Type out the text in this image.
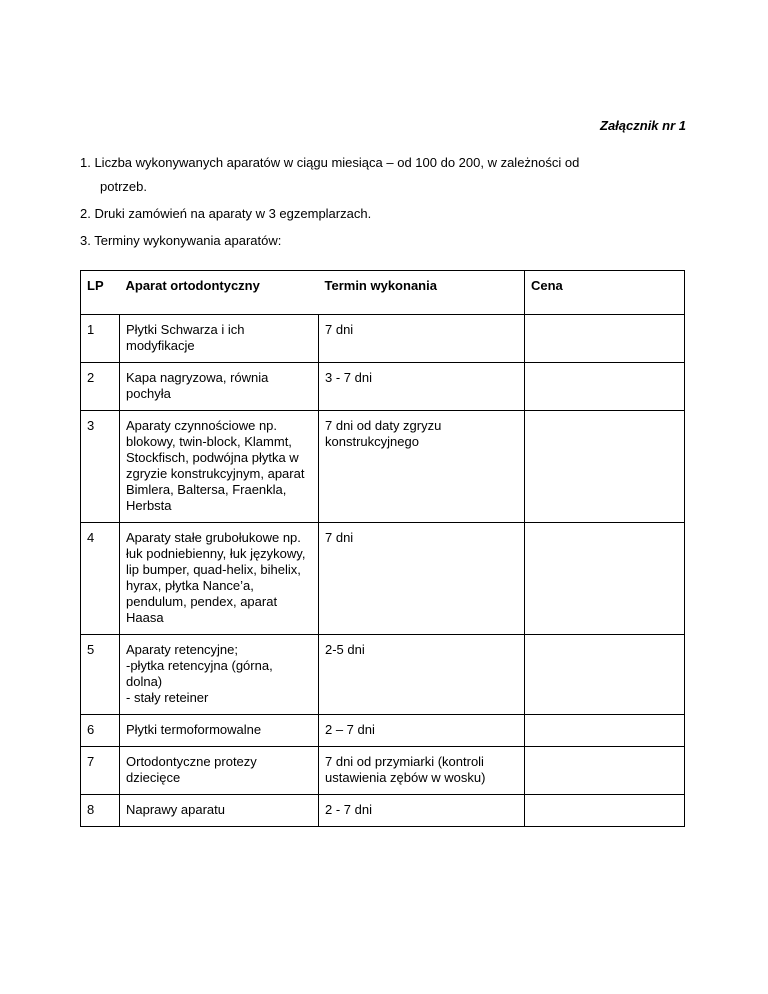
Załącznik nr 1
1. Liczba wykonywanych aparatów w ciągu miesiąca – od 100 do 200, w zależności od
potrzeb.
2. Druki zamówień na aparaty w 3 egzemplarzach.
3. Terminy wykonywania aparatów:
LP	Aparat ortodontyczny	Termin wykonania	Cena
1	Płytki Schwarza i ich modyfikacje	7 dni	
2	Kapa nagryzowa, równia pochyła	3 - 7 dni	
3	Aparaty czynnościowe np. blokowy, twin-block, Klammt, Stockfisch, podwójna płytka w zgryzie konstrukcyjnym, aparat Bimlera, Baltersa, Fraenkla, Herbsta	7 dni od daty zgryzu konstrukcyjnego	
4	Aparaty stałe grubołukowe np. łuk podniebienny, łuk językowy, lip bumper, quad-helix, bihelix, hyrax, płytka Nance’a, pendulum, pendex, aparat Haasa	7 dni	
5	Aparaty retencyjne;
-płytka retencyjna (górna, dolna)
- stały reteiner	2-5 dni	
6	Płytki termoformowalne	2 – 7 dni	
7	Ortodontyczne protezy dziecięce	7 dni od przymiarki (kontroli ustawienia zębów w wosku)	
8	Naprawy aparatu	2 - 7 dni	
